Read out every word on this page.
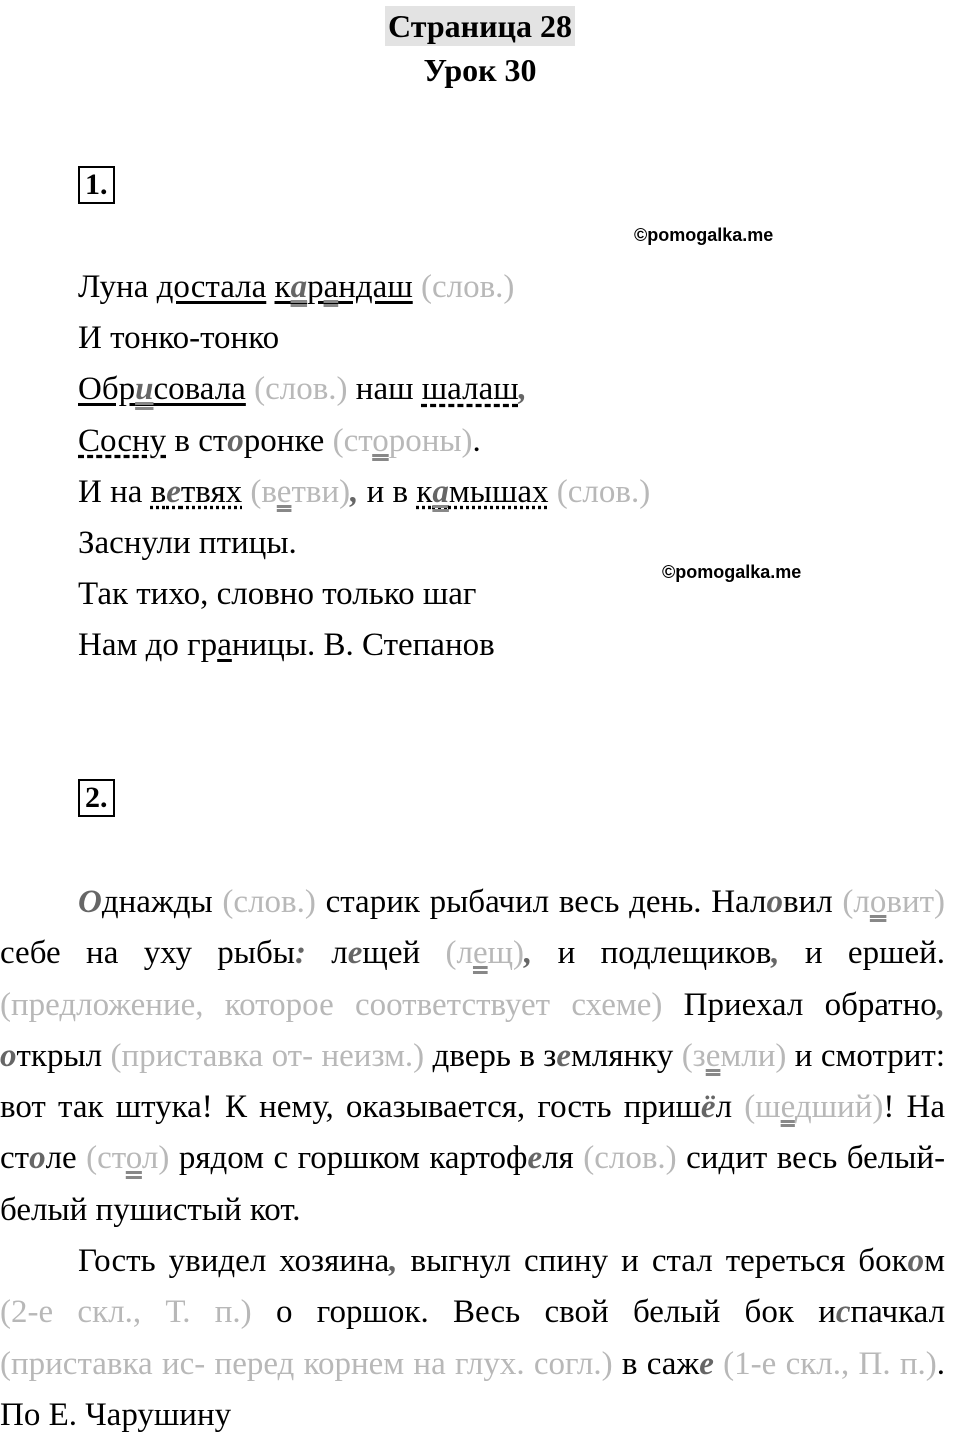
Страница 28
Урок 30
1.
©pomogalka.me
Луна достала карандаш (слов.)
И тонко-тонко
Обрисовала (слов.) наш шалаш,
Сосну в сторонке (стороны).
И на ветвях (ветви), и в камышах (слов.)
Заснули птицы.
Так тихо, словно только шаг
Нам до границы. В. Степанов
©pomogalka.me
2.

Однажды (слов.) старик рыбачил весь день. Наловил (ловит) себе на уху рыбы: лещей (лещ), и подлещиков, и ершей. (предложение, которое соответствует схеме) Приехал обратно, открыл (приставка от- неизм.) дверь в землянку (земли) и смотрит: вот так штука! К нему, оказывается, гость пришёл (шедший)! На столе (стол) рядом с горшком картофеля (слов.) сидит весь белый-белый пушистый кот.

Гость увидел хозяина, выгнул спину и стал тереться боком (2-е скл., Т. п.) о горшок. Весь свой белый бок испачкал (приставка ис- перед корнем на глух. согл.) в саже (1-е скл., П. п.). По Е. Чарушину
